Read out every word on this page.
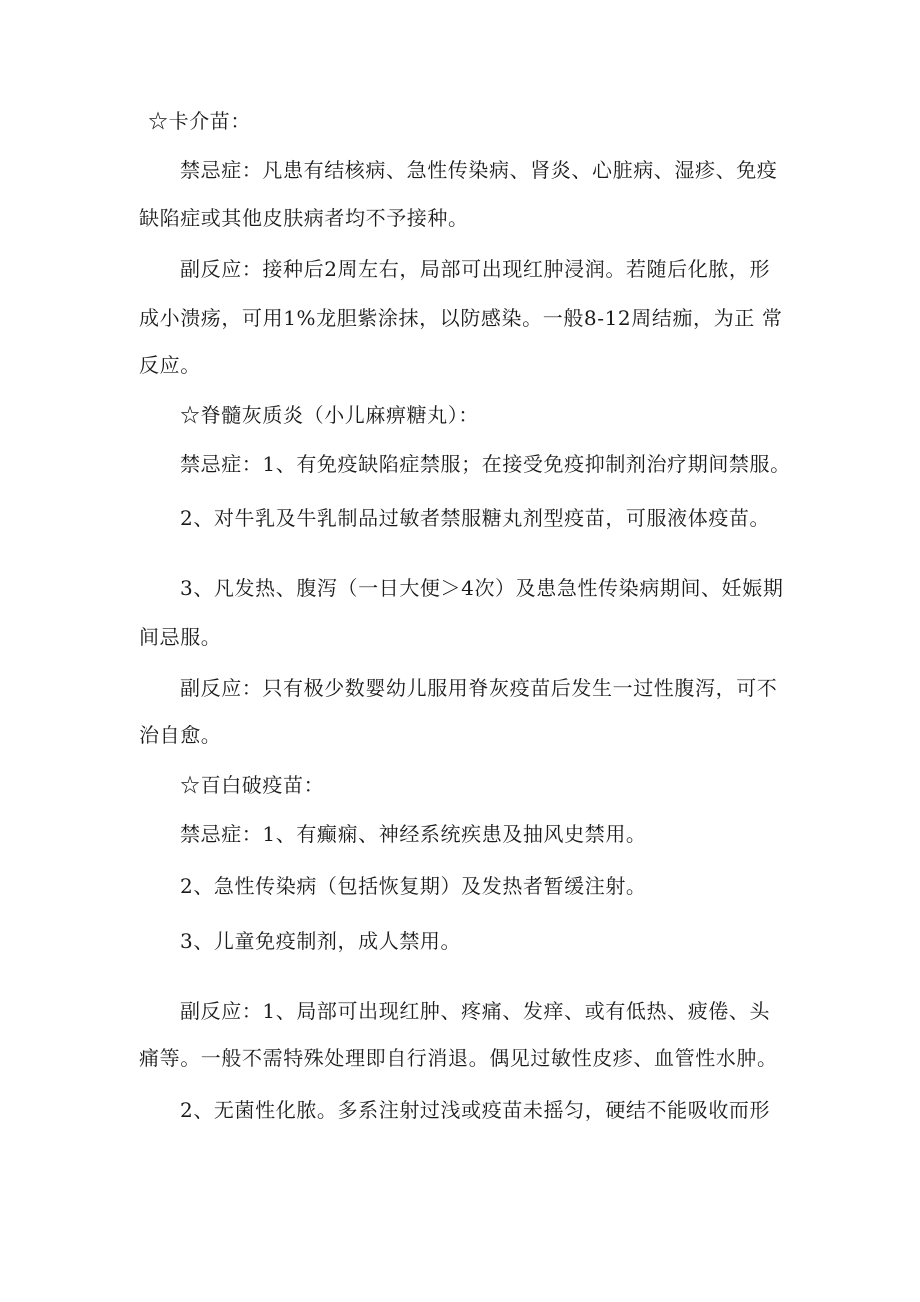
☆卡介苗：
禁忌症：凡患有结核病、急性传染病、肾炎、心脏病、湿疹、免疫
缺陷症或其他皮肤病者均不予接种。
副反应：接种后2周左右，局部可出现红肿浸润。若随后化脓，形
成小溃疡，可用1%龙胆紫涂抹，以防感染。一般8-12周结痂，为正 常
反应。
☆脊髓灰质炎（小儿麻痹糖丸）：
禁忌症：1、有免疫缺陷症禁服；在接受免疫抑制剂治疗期间禁服。
2、对牛乳及牛乳制品过敏者禁服糖丸剂型疫苗，可服液体疫苗。
3、凡发热、腹泻（一日大便＞4次）及患急性传染病期间、妊娠期
间忌服。
副反应：只有极少数婴幼儿服用脊灰疫苗后发生一过性腹泻，可不
治自愈。
☆百白破疫苗：
禁忌症：1、有癫痫、神经系统疾患及抽风史禁用。
2、急性传染病（包括恢复期）及发热者暂缓注射。
3、儿童免疫制剂，成人禁用。
副反应：1、局部可出现红肿、疼痛、发痒、或有低热、疲倦、头
痛等。一般不需特殊处理即自行消退。偶见过敏性皮疹、血管性水肿。
2、无菌性化脓。多系注射过浅或疫苗未摇匀，硬结不能吸收而形
